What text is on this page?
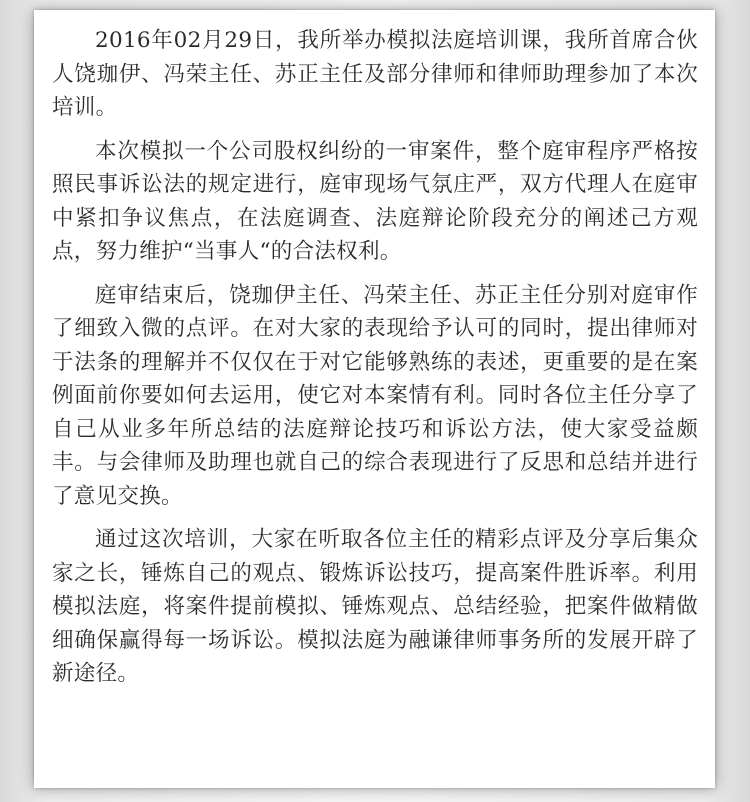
2016年02月29日，我所举办模拟法庭培训课，我所首席合伙人饶珈伊、冯荣主任、苏正主任及部分律师和律师助理参加了本次培训。

本次模拟一个公司股权纠纷的一审案件，整个庭审程序严格按照民事诉讼法的规定进行，庭审现场气氛庄严，双方代理人在庭审中紧扣争议焦点，在法庭调查、法庭辩论阶段充分的阐述己方观点，努力维护“当事人“的合法权利。

庭审结束后，饶珈伊主任、冯荣主任、苏正主任分别对庭审作了细致入微的点评。在对大家的表现给予认可的同时，提出律师对于法条的理解并不仅仅在于对它能够熟练的表述，更重要的是在案例面前你要如何去运用，使它对本案情有利。同时各位主任分享了自己从业多年所总结的法庭辩论技巧和诉讼方法，使大家受益颇丰。与会律师及助理也就自己的综合表现进行了反思和总结并进行了意见交换。

通过这次培训，大家在听取各位主任的精彩点评及分享后集众家之长，锤炼自己的观点、锻炼诉讼技巧，提高案件胜诉率。利用模拟法庭，将案件提前模拟、锤炼观点、总结经验，把案件做精做细确保赢得每一场诉讼。模拟法庭为融谦律师事务所的发展开辟了新途径。
